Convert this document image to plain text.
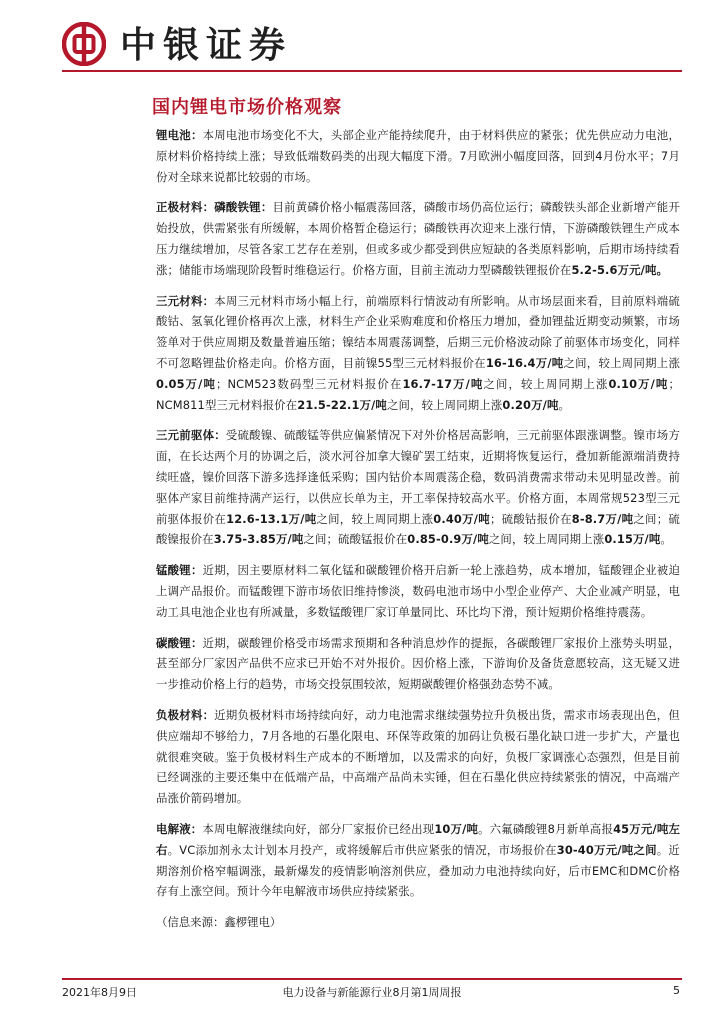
中银证券
国内锂电市场价格观察

锂电池：本周电池市场变化不大，头部企业产能持续爬升，由于材料供应的紧张；优先供应动力电池，原材料价格持续上涨；导致低端数码类的出现大幅度下滑。7月欧洲小幅度回落，回到4月份水平；7月份对全球来说都比较弱的市场。

正极材料：磷酸铁锂：目前黄磷价格小幅震荡回落，磷酸市场仍高位运行；磷酸铁头部企业新增产能开始投放，供需紧张有所缓解，本周价格暂企稳运行；磷酸铁再次迎来上涨行情，下游磷酸铁锂生产成本压力继续增加，尽管各家工艺存在差别，但或多或少都受到供应短缺的各类原料影响，后期市场持续看涨；储能市场端现阶段暂时维稳运行。价格方面，目前主流动力型磷酸铁锂报价在5.2-5.6万元/吨。

三元材料：本周三元材料市场小幅上行，前端原料行情波动有所影响。从市场层面来看，目前原料端硫酸钴、氢氧化锂价格再次上涨，材料生产企业采购难度和价格压力增加，叠加锂盐近期变动频繁，市场签单对于供应周期及数量普遍压缩；镍结本周震荡调整，后期三元价格波动除了前驱体市场变化，同样不可忽略锂盐价格走向。价格方面，目前镍55型三元材料报价在16-16.4万/吨之间，较上周同期上涨0.05万/吨；NCM523数码型三元材料报价在16.7-17万/吨之间，较上周同期上涨0.10万/吨；NCM811型三元材料报价在21.5-22.1万/吨之间，较上周同期上涨0.20万/吨。

三元前驱体：受硫酸镍、硫酸锰等供应偏紧情况下对外价格居高影响，三元前驱体跟涨调整。镍市场方面，在长达两个月的协调之后，淡水河谷加拿大镍矿罢工结束，近期将恢复运行，叠加新能源端消费持续旺盛，镍价回落下游多选择逢低采购；国内钴价本周震荡企稳，数码消费需求带动未见明显改善。前驱体产家目前维持满产运行，以供应长单为主，开工率保持较高水平。价格方面，本周常规523型三元前驱体报价在12.6-13.1万/吨之间，较上周同期上涨0.40万/吨；硫酸钴报价在8-8.7万/吨之间；硫酸镍报价在3.75-3.85万/吨之间；硫酸锰报价在0.85-0.9万/吨之间，较上周同期上涨0.15万/吨。

锰酸锂：近期，因主要原材料二氧化锰和碳酸锂价格开启新一轮上涨趋势，成本增加，锰酸锂企业被迫上调产品报价。而锰酸锂下游市场依旧维持惨淡，数码电池市场中小型企业停产、大企业减产明显，电动工具电池企业也有所减量，多数锰酸锂厂家订单量同比、环比均下滑，预计短期价格维持震荡。

碳酸锂：近期，碳酸锂价格受市场需求预期和各种消息炒作的提振，各碳酸锂厂家报价上涨势头明显，甚至部分厂家因产品供不应求已开始不对外报价。因价格上涨，下游询价及备货意愿较高，这无疑又进一步推动价格上行的趋势，市场交投氛围较浓，短期碳酸锂价格强劲态势不减。

负极材料：近期负极材料市场持续向好，动力电池需求继续强势拉升负极出货，需求市场表现出色，但供应端却不够给力，7月各地的石墨化限电、环保等政策的加码让负极石墨化缺口进一步扩大，产量也就很难突破。鉴于负极材料生产成本的不断增加，以及需求的向好，负极厂家调涨心态强烈，但是目前已经调涨的主要还集中在低端产品，中高端产品尚未实锤，但在石墨化供应持续紧张的情况，中高端产品涨价箭码增加。

电解液：本周电解液继续向好，部分厂家报价已经出现10万/吨。六氟磷酸锂8月新单高报45万元/吨左右。VC添加剂永太计划本月投产，或将缓解后市供应紧张的情况，市场报价在30-40万元/吨之间。近期溶剂价格窄幅调涨，最新爆发的疫情影响溶剂供应，叠加动力电池持续向好，后市EMC和DMC价格存有上涨空间。预计今年电解液市场供应持续紧张。

（信息来源：鑫椤锂电）
2021年8月9日	电力设备与新能源行业8月第1周周报	5
